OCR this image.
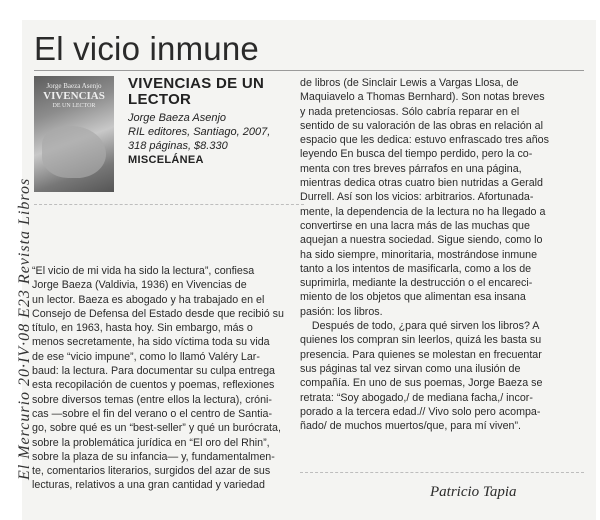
El vicio inmune
Jorge Baeza Asenjo
VIVENCIAS
DE UN LECTOR
VIVENCIAS DE UN LECTOR
Jorge Baeza Asenjo
RIL editores, Santiago, 2007,
318 páginas, $8.330
MISCELÁNEA
El Mercurio 20·IV·08 E23 Revista Libros “El vicio de mi vida ha sido la lectura”, confiesa
Jorge Baeza (Valdivia, 1936) en Vivencias de
un lector. Baeza es abogado y ha trabajado en el
Consejo de Defensa del Estado desde que recibió su
título, en 1963, hasta hoy. Sin embargo, más o
menos secretamente, ha sido víctima toda su vida
de ese “vicio impune”, como lo llamó Valéry Lar-
baud: la lectura. Para documentar su culpa entrega
esta recopilación de cuentos y poemas, reflexiones
sobre diversos temas (entre ellos la lectura), cróni-
cas —sobre el fin del verano o el centro de Santia-
go, sobre qué es un “best-seller” y qué un burócrata,
sobre la problemática jurídica en “El oro del Rhin”,
sobre la plaza de su infancia— y, fundamentalmen-
te, comentarios literarios, surgidos del azar de sus
lecturas, relativos a una gran cantidad y variedad
de libros (de Sinclair Lewis a Vargas Llosa, de
Maquiavelo a Thomas Bernhard). Son notas breves
y nada pretenciosas. Sólo cabría reparar en el
sentido de su valoración de las obras en relación al
espacio que les dedica: estuvo enfrascado tres años
leyendo En busca del tiempo perdido, pero la co-
menta con tres breves párrafos en una página,
mientras dedica otras cuatro bien nutridas a Gerald
Durrell. Así son los vicios: arbitrarios. Afortunada-
mente, la dependencia de la lectura no ha llegado a
convertirse en una lacra más de las muchas que
aquejan a nuestra sociedad. Sigue siendo, como lo
ha sido siempre, minoritaria, mostrándose inmune
tanto a los intentos de masificarla, como a los de
suprimirla, mediante la destrucción o el encareci-
miento de los objetos que alimentan esa insana
pasión: los libros.
Después de todo, ¿para qué sirven los libros? A
quienes los compran sin leerlos, quizá les basta su
presencia. Para quienes se molestan en frecuentar
sus páginas tal vez sirvan como una ilusión de
compañía. En uno de sus poemas, Jorge Baeza se
retrata: “Soy abogado,/ de mediana facha,/ incor-
porado a la tercera edad.// Vivo solo pero acompa-
ñado/ de muchos muertos/que, para mí viven”.
Patricio Tapia
